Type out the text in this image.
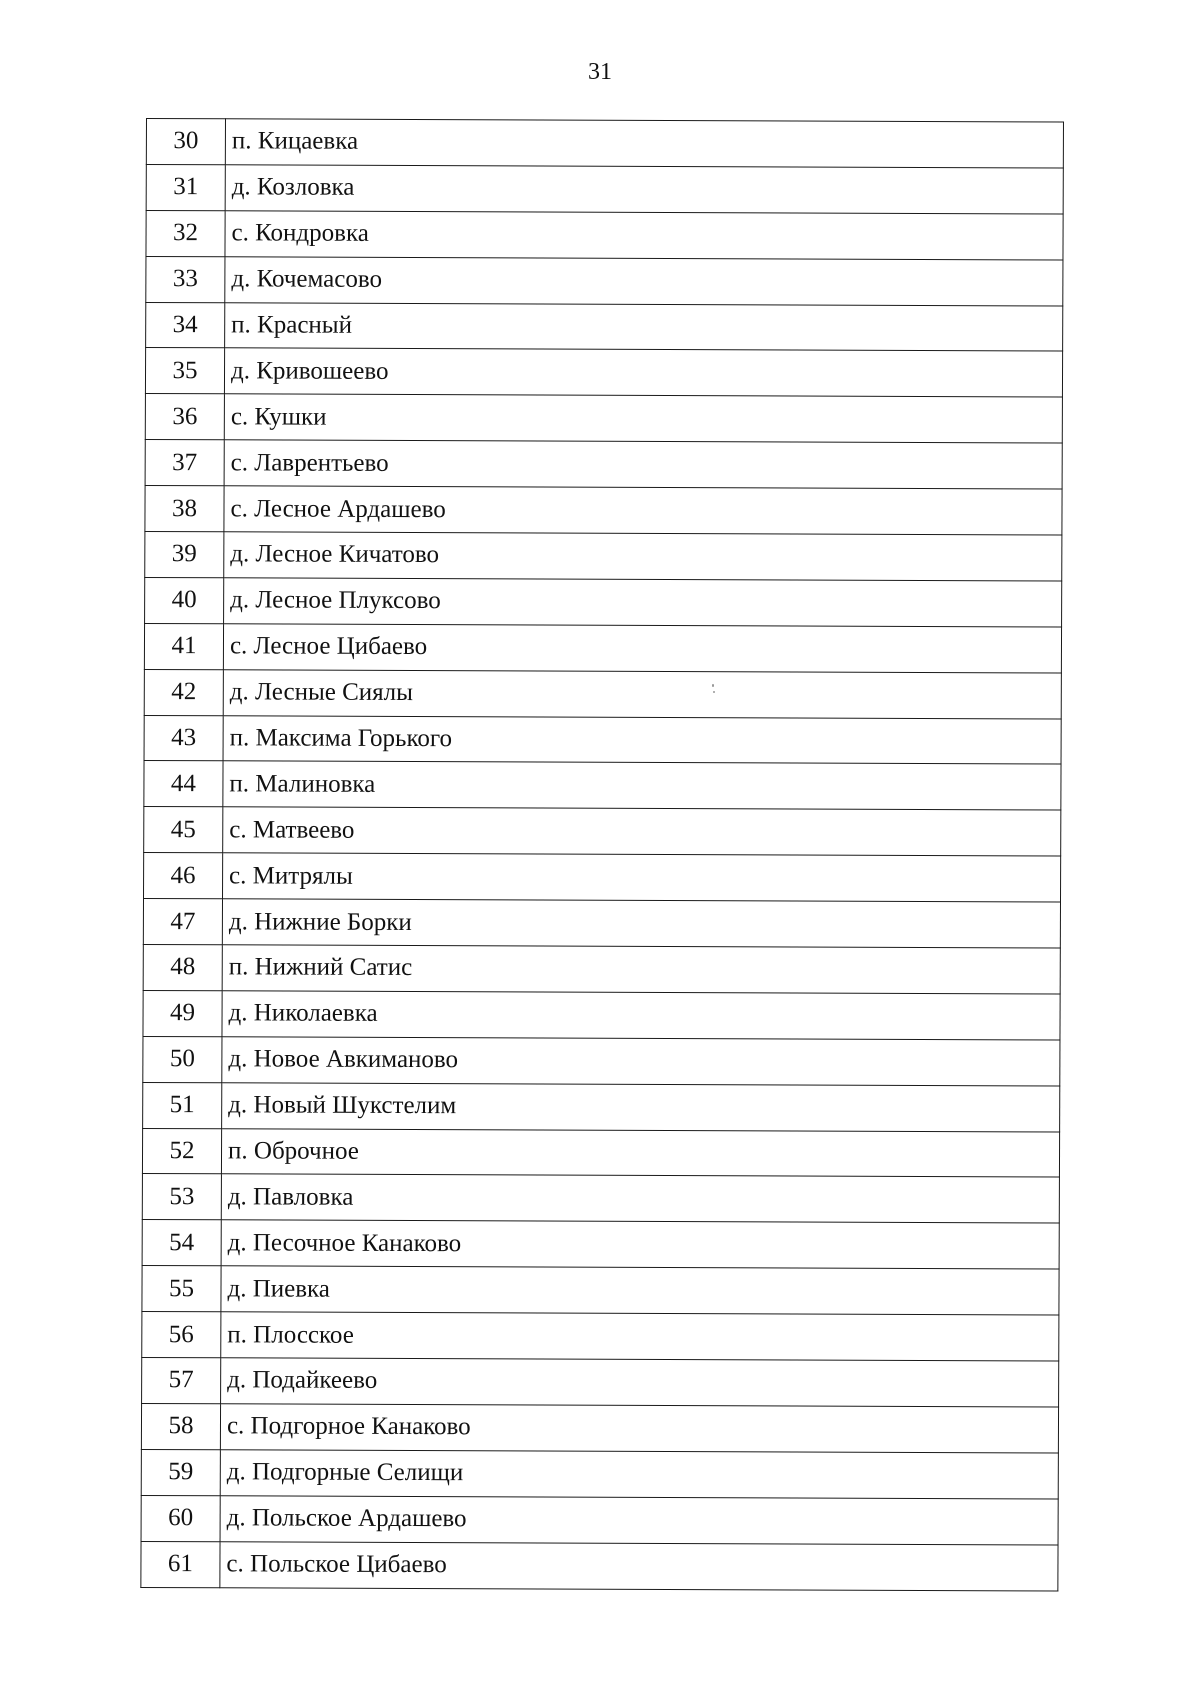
31
30	п. Кицаевка
31	д. Козловка
32	с. Кондровка
33	д. Кочемасово
34	п. Красный
35	д. Кривошеево
36	с. Кушки
37	с. Лаврентьево
38	с. Лесное Ардашево
39	д. Лесное Кичатово
40	д. Лесное Плуксово
41	с. Лесное Цибаево
42	д. Лесные Сиялы
43	п. Максима Горького
44	п. Малиновка
45	с. Матвеево
46	с. Митрялы
47	д. Нижние Борки
48	п. Нижний Сатис
49	д. Николаевка
50	д. Новое Авкиманово
51	д. Новый Шукстелим
52	п. Оброчное
53	д. Павловка
54	д. Песочное Канаково
55	д. Пиевка
56	п. Плосское
57	д. Подайкеево
58	с. Подгорное Канаково
59	д. Подгорные Селищи
60	д. Польское Ардашево
61	с. Польское Цибаево
